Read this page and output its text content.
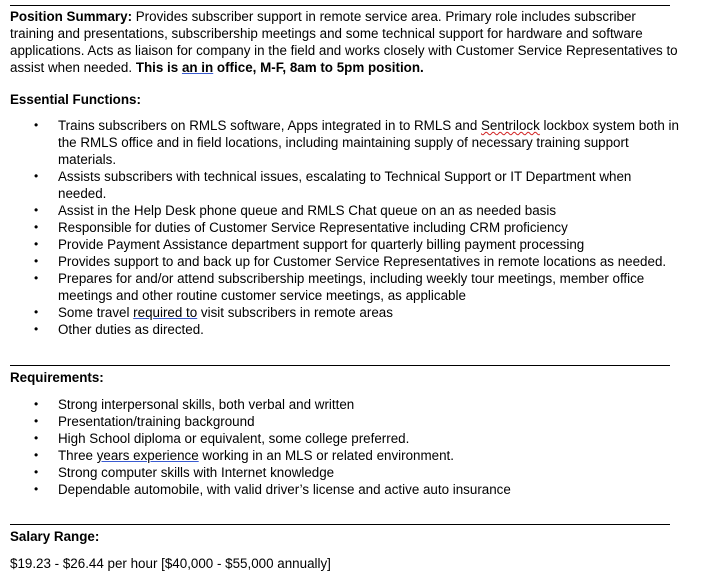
Position Summary: Provides subscriber support in remote service area. Primary role includes subscriber training and presentations, subscribership meetings and some technical support for hardware and software applications. Acts as liaison for company in the field and works closely with Customer Service Representatives to assist when needed. This is an in office, M-F, 8am to 5pm position.
Essential Functions:
• Trains subscribers on RMLS software, Apps integrated in to RMLS and Sentrilock lockbox system both in the RMLS office and in field locations, including maintaining supply of necessary training support materials.
• Assists subscribers with technical issues, escalating to Technical Support or IT Department when needed.
• Assist in the Help Desk phone queue and RMLS Chat queue on an as needed basis
• Responsible for duties of Customer Service Representative including CRM proficiency
• Provide Payment Assistance department support for quarterly billing payment processing
• Provides support to and back up for Customer Service Representatives in remote locations as needed.
• Prepares for and/or attend subscribership meetings, including weekly tour meetings, member office meetings and other routine customer service meetings, as applicable
• Some travel required to visit subscribers in remote areas
• Other duties as directed.
Requirements:
• Strong interpersonal skills, both verbal and written
• Presentation/training background
• High School diploma or equivalent, some college preferred.
• Three years experience working in an MLS or related environment.
• Strong computer skills with Internet knowledge
• Dependable automobile, with valid driver’s license and active auto insurance
Salary Range:
$19.23 - $26.44 per hour [$40,000 - $55,000 annually]
